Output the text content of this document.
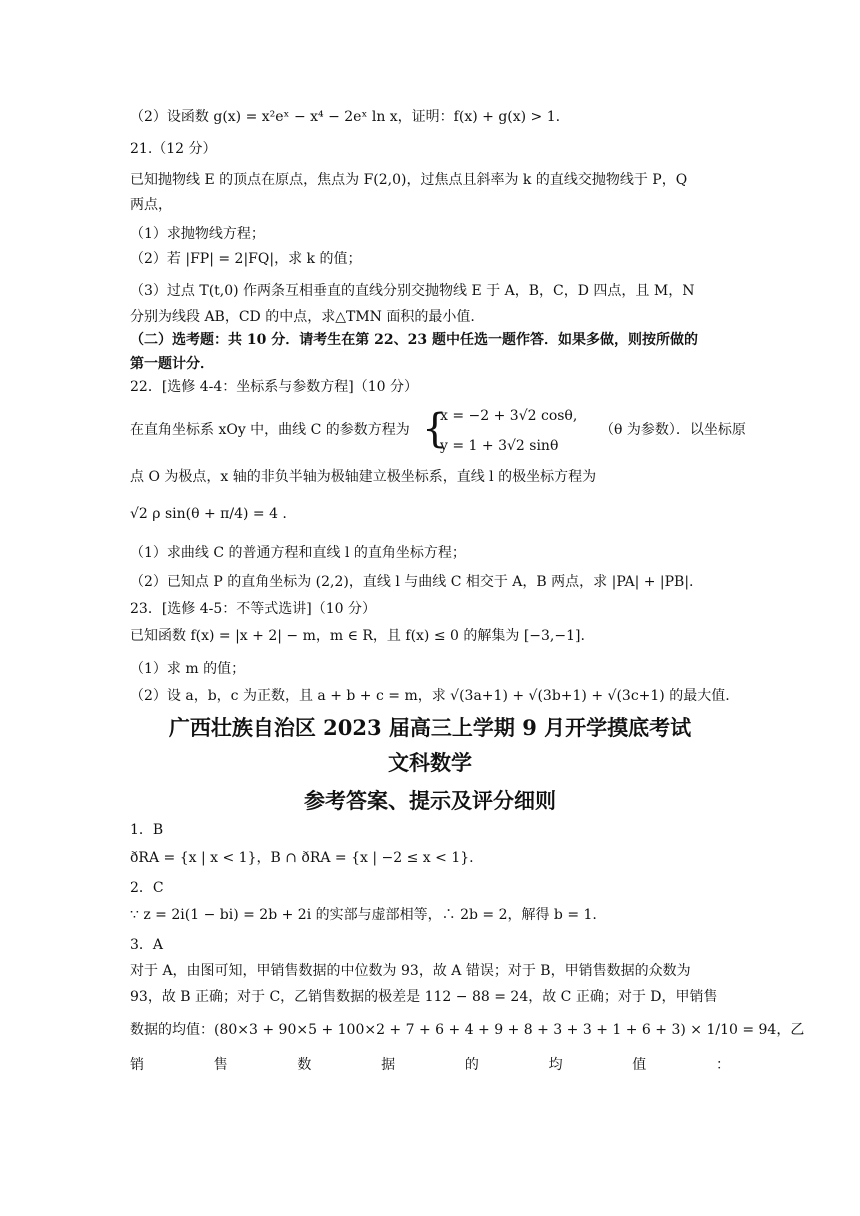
（2）设函数 g(x) = x²eˣ − x⁴ − 2eˣ ln x，证明：f(x) + g(x) > 1.
21.（12 分）
已知抛物线 E 的顶点在原点，焦点为 F(2,0)，过焦点且斜率为 k 的直线交抛物线于 P，Q
两点，
（1）求抛物线方程；
（2）若 |FP| = 2|FQ|，求 k 的值；
（3）过点 T(t,0) 作两条互相垂直的直线分别交抛物线 E 于 A，B，C，D 四点，且 M，N
分别为线段 AB，CD 的中点，求△TMN 面积的最小值.
（二）选考题：共 10 分．请考生在第 22、23 题中任选一题作答．如果多做，则按所做的
第一题计分．
22．[选修 4-4：坐标系与参数方程]（10 分）
在直角坐标系 xOy 中，曲线 C 的参数方程为 {
x = −2 + 3√2 cosθ,
y = 1 + 3√2 sinθ
（θ 为参数）．以坐标原
点 O 为极点，x 轴的非负半轴为极轴建立极坐标系，直线 l 的极坐标方程为
√2 ρ sin(θ + π/4) = 4 .
（1）求曲线 C 的普通方程和直线 l 的直角坐标方程；
（2）已知点 P 的直角坐标为 (2,2)，直线 l 与曲线 C 相交于 A，B 两点，求 |PA| + |PB|.
23．[选修 4-5：不等式选讲]（10 分）
已知函数 f(x) = |x + 2| − m，m ∈ R，且 f(x) ≤ 0 的解集为 [−3,−1].
（1）求 m 的值；
（2）设 a，b，c 为正数，且 a + b + c = m，求 √(3a+1) + √(3b+1) + √(3c+1) 的最大值.
广西壮族自治区 2023 届高三上学期 9 月开学摸底考试
文科数学
参考答案、提示及评分细则
1．B
ðRA = {x | x < 1}，B ∩ ðRA = {x | −2 ≤ x < 1}.
2．C
∵ z = 2i(1 − bi) = 2b + 2i 的实部与虚部相等，∴ 2b = 2，解得 b = 1.
3．A
对于 A，由图可知，甲销售数据的中位数为 93，故 A 错误；对于 B，甲销售数据的众数为
93，故 B 正确；对于 C，乙销售数据的极差是 112 − 88 = 24，故 C 正确；对于 D，甲销售
数据的均值：(80×3 + 90×5 + 100×2 + 7 + 6 + 4 + 9 + 8 + 3 + 3 + 1 + 6 + 3) × 1/10 = 94，乙
销 售 数 据 的 均 值 ：
